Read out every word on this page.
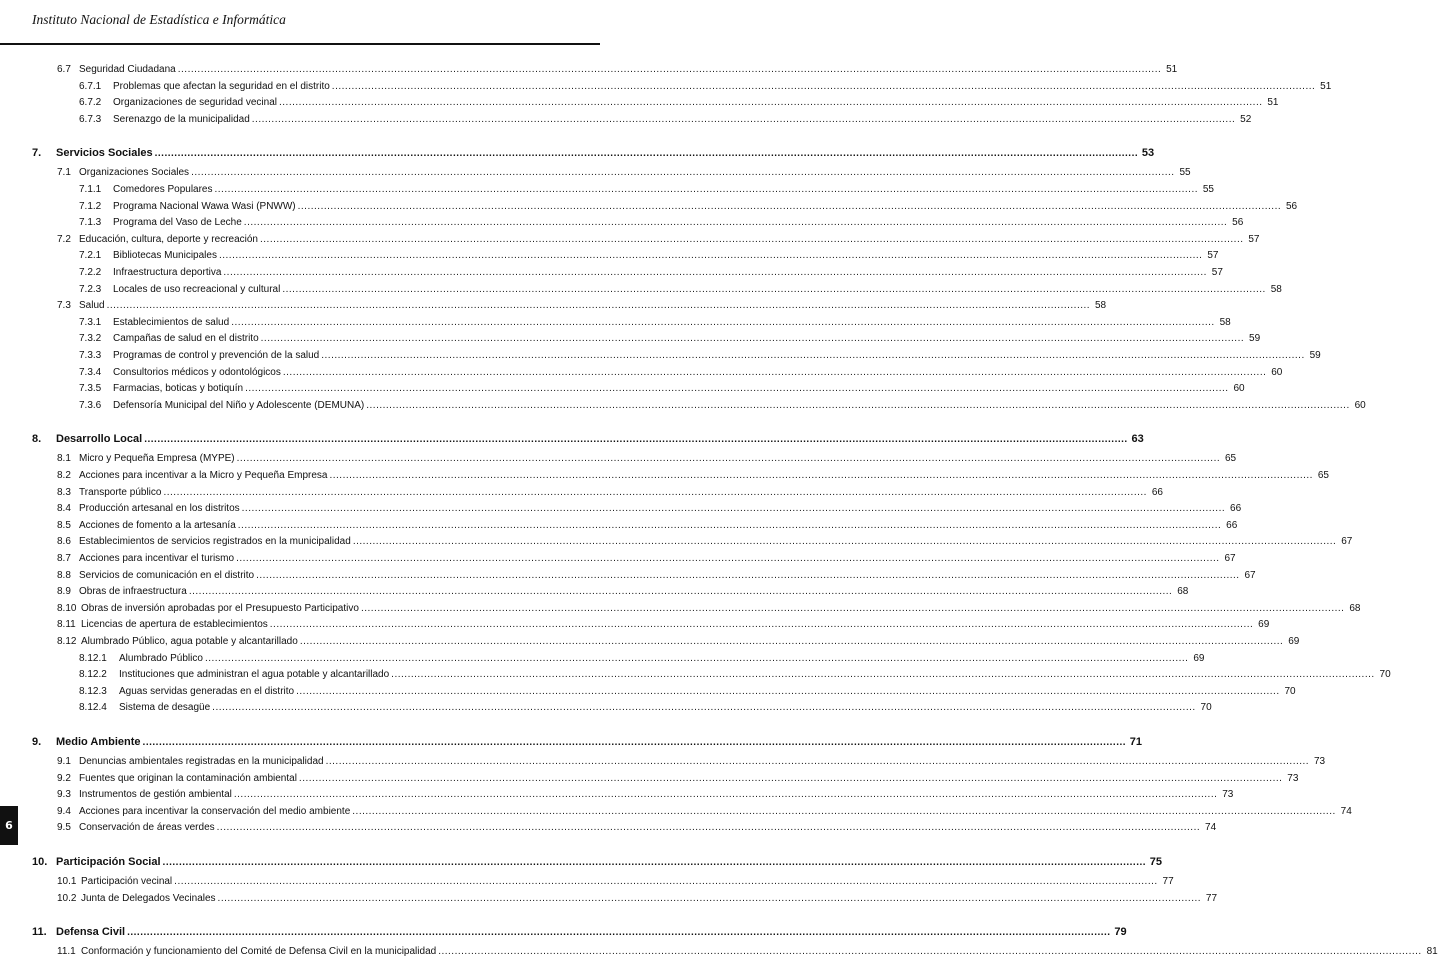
Instituto Nacional de Estadística e Informática
6
6.7 Seguridad Ciudadana ............................................................................................................................................................................................................................................................................................................ 51
6.7.1 Problemas que afectan la seguridad en el distrito ............................................................................................................................................................................................................................................................................................................ 51
6.7.2 Organizaciones de seguridad vecinal ............................................................................................................................................................................................................................................................................................................ 51
6.7.3 Serenazgo de la municipalidad ............................................................................................................................................................................................................................................................................................................ 52
7. Servicios Sociales ............................................................................................................................................................................................................................................................................................................ 53
7.1 Organizaciones Sociales ............................................................................................................................................................................................................................................................................................................ 55
7.1.1 Comedores Populares ............................................................................................................................................................................................................................................................................................................ 55
7.1.2 Programa Nacional Wawa Wasi (PNWW) ............................................................................................................................................................................................................................................................................................................ 56
7.1.3 Programa del Vaso de Leche ............................................................................................................................................................................................................................................................................................................ 56
7.2 Educación, cultura, deporte y recreación ............................................................................................................................................................................................................................................................................................................ 57
7.2.1 Bibliotecas Municipales ............................................................................................................................................................................................................................................................................................................ 57
7.2.2 Infraestructura deportiva ............................................................................................................................................................................................................................................................................................................ 57
7.2.3 Locales de uso recreacional y cultural ............................................................................................................................................................................................................................................................................................................ 58
7.3 Salud ............................................................................................................................................................................................................................................................................................................ 58
7.3.1 Establecimientos de salud ............................................................................................................................................................................................................................................................................................................ 58
7.3.2 Campañas de salud en el distrito ............................................................................................................................................................................................................................................................................................................ 59
7.3.3 Programas de control y prevención de la salud ............................................................................................................................................................................................................................................................................................................ 59
7.3.4 Consultorios médicos y odontológicos ............................................................................................................................................................................................................................................................................................................ 60
7.3.5 Farmacias, boticas y botiquín ............................................................................................................................................................................................................................................................................................................ 60
7.3.6 Defensoría Municipal del Niño y Adolescente (DEMUNA) ............................................................................................................................................................................................................................................................................................................ 60
8. Desarrollo Local ............................................................................................................................................................................................................................................................................................................ 63
8.1 Micro y Pequeña Empresa (MYPE) ............................................................................................................................................................................................................................................................................................................ 65
8.2 Acciones para incentivar a la Micro y Pequeña Empresa ............................................................................................................................................................................................................................................................................................................ 65
8.3 Transporte público ............................................................................................................................................................................................................................................................................................................ 66
8.4 Producción artesanal en los distritos ............................................................................................................................................................................................................................................................................................................ 66
8.5 Acciones de fomento a la artesanía ............................................................................................................................................................................................................................................................................................................ 66
8.6 Establecimientos de servicios registrados en la municipalidad ............................................................................................................................................................................................................................................................................................................ 67
8.7 Acciones para incentivar el turismo ............................................................................................................................................................................................................................................................................................................ 67
8.8 Servicios de comunicación en el distrito ............................................................................................................................................................................................................................................................................................................ 67
8.9 Obras de infraestructura ............................................................................................................................................................................................................................................................................................................ 68
8.10 Obras de inversión aprobadas por el Presupuesto Participativo ............................................................................................................................................................................................................................................................................................................ 68
8.11 Licencias de apertura de establecimientos ............................................................................................................................................................................................................................................................................................................ 69
8.12 Alumbrado Público, agua potable y alcantarillado ............................................................................................................................................................................................................................................................................................................ 69
8.12.1 Alumbrado Público ............................................................................................................................................................................................................................................................................................................ 69
8.12.2 Instituciones que administran el agua potable y alcantarillado ............................................................................................................................................................................................................................................................................................................ 70
8.12.3 Aguas servidas generadas en el distrito ............................................................................................................................................................................................................................................................................................................ 70
8.12.4 Sistema de desagüe ............................................................................................................................................................................................................................................................................................................ 70
9. Medio Ambiente ............................................................................................................................................................................................................................................................................................................ 71
9.1 Denuncias ambientales registradas en la municipalidad ............................................................................................................................................................................................................................................................................................................ 73
9.2 Fuentes que originan la contaminación ambiental ............................................................................................................................................................................................................................................................................................................ 73
9.3 Instrumentos de gestión ambiental ............................................................................................................................................................................................................................................................................................................ 73
9.4 Acciones para incentivar la conservación del medio ambiente ............................................................................................................................................................................................................................................................................................................ 74
9.5 Conservación de áreas verdes ............................................................................................................................................................................................................................................................................................................ 74
10. Participación Social ............................................................................................................................................................................................................................................................................................................ 75
10.1 Participación vecinal ............................................................................................................................................................................................................................................................................................................ 77
10.2 Junta de Delegados Vecinales ............................................................................................................................................................................................................................................................................................................ 77
11. Defensa Civil ............................................................................................................................................................................................................................................................................................................ 79
11.1 Conformación y funcionamiento del Comité de Defensa Civil en la municipalidad ............................................................................................................................................................................................................................................................................................................ 81
